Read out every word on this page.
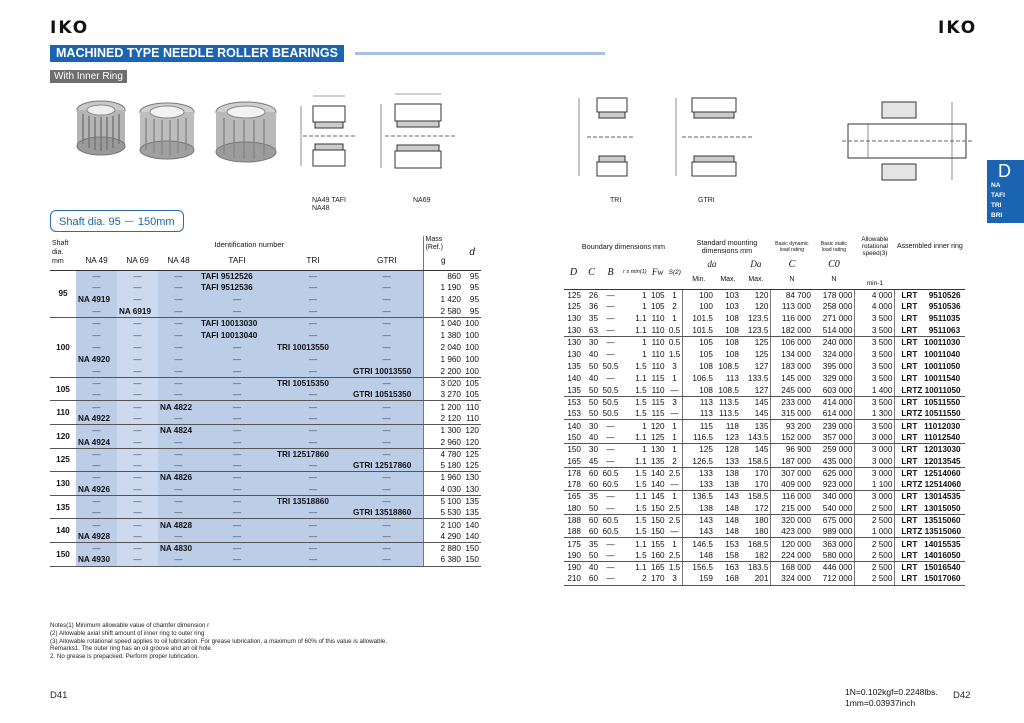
IKO	IKO
MACHINED TYPE NEEDLE ROLLER BEARINGS
With Inner Ring
NA49 TAFI
NA48
NA69	TRI	GTRI
Shaft dia. 95 ー 150mm
D
NA
TAFI
TRI
BRI
Shaft
dia.
mm	Identification number						Mass
(Ref.)	d
	NA 49	NA 69	NA 48	TAFI	TRI	GTRI	g	
95	—	—	—	TAFI 9512526	—	—	860	95
	—	—	—	TAFI 9512536	—	—	1 190	95
	NA 4919	—	—	—	—	—	1 420	95
	—	NA 6919	—	—	—	—	2 580	95
100	—	—	—	TAFI 10013030	—	—	1 040	100
	—	—	—	TAFI 10013040	—	—	1 380	100
	—	—	—	—	TRI 10013550	—	2 040	100
	NA 4920	—	—	—	—	—	1 960	100
	—	—	—	—	—	GTRI 10013550	2 200	100
105	—	—	—	—	TRI 10515350	—	3 020	105
	—	—	—	—	—	GTRI 10515350	3 270	105
110	—	—	NA 4822	—	—	—	1 200	110
	NA 4922	—	—	—	—	—	2 120	110
120	—	—	NA 4824	—	—	—	1 300	120
	NA 4924	—	—	—	—	—	2 960	120
125	—	—	—	—	TRI 12517860	—	4 780	125
	—	—	—	—	—	GTRI 12517860	5 180	125
130	—	—	NA 4826	—	—	—	1 960	130
	NA 4926	—	—	—	—	—	4 030	130
135	—	—	—	—	TRI 13518860	—	5 100	135
	—	—	—	—	—	GTRI 13518860	5 530	135
140	—	—	NA 4828	—	—	—	2 100	140
	NA 4928	—	—	—	—	—	4 290	140
150	—	—	NA 4830	—	—	—	2 880	150
	NA 4930	—	—	—	—	—	6 380	150
Boundary dimensions mm						Standard mounting
dimensions mm			Basic dynamic
load rating	Basic static
load rating	Allowable
rotational
speed(3)	Assembled inner ring
D	C	B	r s min(1)	Fw	S(2)	da		Da	C	C0	min-1	
						Min.	Max.	Max.	N	N		
125	26	—	1	105	1	100	103	120	84 700	178 000	4 000	LRT     9510526
125	36	—	1	105	2	100	103	120	113 000	258 000	4 000	LRT     9510536
130	35	—	1.1	110	1	101.5	108	123.5	116 000	271 000	3 500	LRT     9511035
130	63	—	1.1	110	0.5	101.5	108	123.5	182 000	514 000	3 500	LRT     9511063
130	30	—	1	110	0.5	105	108	125	106 000	240 000	3 500	LRT   10011030
130	40	—	1	110	1.5	105	108	125	134 000	324 000	3 500	LRT   10011040
135	50	50.5	1.5	110	3	108	108.5	127	183 000	395 000	3 500	LRT   10011050
140	40	—	1.1	115	1	106.5	113	133.5	145 000	329 000	3 500	LRT   10011540
135	50	50.5	1.5	110	—	108	108.5	127	245 000	603 000	1 400	LRTZ 10011050
153	50	50.5	1.5	115	3	113	113.5	145	233 000	414 000	3 500	LRT   10511550
153	50	50.5	1.5	115	—	113	113.5	145	315 000	614 000	1 300	LRTZ 10511550
140	30	—	1	120	1	115	118	135	93 200	239 000	3 500	LRT   11012030
150	40	—	1.1	125	1	116.5	123	143.5	152 000	357 000	3 000	LRT   11012540
150	30	—	1	130	1	125	128	145	96 900	259 000	3 000	LRT   12013030
165	45	—	1.1	135	2	126.5	133	158.5	187 000	435 000	3 000	LRT   12013545
178	60	60.5	1.5	140	2.5	133	138	170	307 000	625 000	3 000	LRT   12514060
178	60	60.5	1.5	140	—	133	138	170	409 000	923 000	1 100	LRTZ 12514060
165	35	—	1.1	145	1	136.5	143	158.5	116 000	340 000	3 000	LRT   13014535
180	50	—	1.5	150	2.5	138	148	172	215 000	540 000	2 500	LRT   13015050
188	60	60.5	1.5	150	2.5	143	148	180	320 000	675 000	2 500	LRT   13515060
188	60	60.5	1.5	150	—	143	148	180	423 000	989 000	1 000	LRTZ 13515060
175	35	—	1.1	155	1	146.5	153	168.5	120 000	363 000	2 500	LRT   14015535
190	50	—	1.5	160	2.5	148	158	182	224 000	580 000	2 500	LRT   14016050
190	40	—	1.1	165	1.5	156.5	163	183.5	168 000	446 000	2 500	LRT   15016540
210	60	—	2	170	3	159	168	201	324 000	712 000	2 500	LRT   15017060
Notes(1) Minimum allowable value of chamfer dimension r
(2) Allowable axial shift amount of inner ring to outer ring
(3) Allowable rotational speed applies to oil lubrication. For grease lubrication, a maximum of 60% of this value is allowable.
Remarks1. The outer ring has an oil groove and an oil hole.
2. No grease is prepacked. Perform proper lubrication.
D41	D42
1N=0.102kgf=0.2248lbs.
1mm=0.03937inch
